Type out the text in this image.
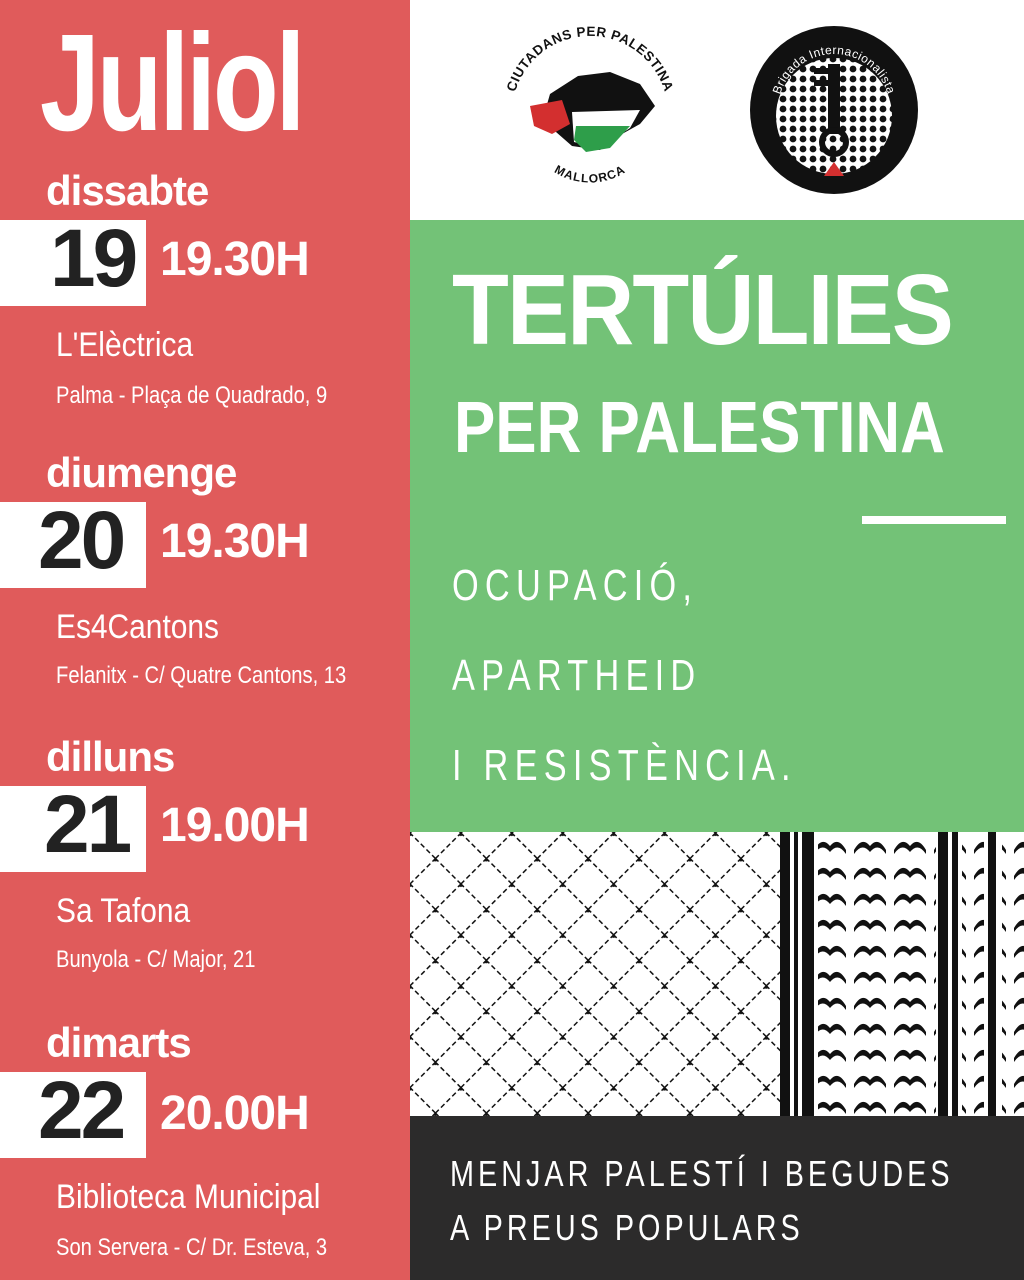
Juliol
dissabte
19 19.30H
L'Elèctrica
Palma - Plaça de Quadrado, 9
diumenge
20 19.30H
Es4Cantons
Felanitx - C/ Quatre Cantons, 13
dilluns
21 19.00H
Sa Tafona
Bunyola - C/ Major, 21
dimarts
22 20.00H
Biblioteca Municipal
Son Servera - C/ Dr. Esteva, 3
CIUTADANS PER PALESTINA
MALLORCA
Brigada Internacionalista
TERTÚLIES
PER PALESTINA
OCUPACIÓ,
APARTHEID
I RESISTÈNCIA.
MENJAR PALESTÍ I BEGUDES
A PREUS POPULARS
